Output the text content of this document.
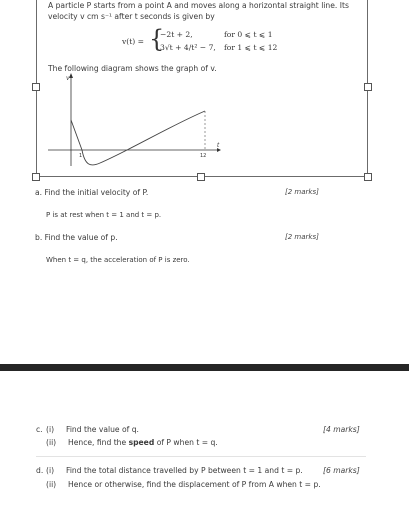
A particle P starts from a point A and moves along a horizontal straight line. Its
velocity v cm s⁻¹ after t seconds is given by
v(t) = {
−2t + 2,	for 0 ⩽ t ⩽ 1
3√t + 4/t² − 7, for 1 ⩽ t ⩽ 12
The following diagram shows the graph of v.
v
t
1	12
a. Find the initial velocity of P.	[2 marks]
P is at rest when t = 1 and t = p.
b. Find the value of p.	[2 marks]
When t = q, the acceleration of P is zero.
c. (i) Find the value of q.	[4 marks]
(ii) Hence, find the speed of P when t = q.
d. (i) Find the total distance travelled by P between t = 1 and t = p.	[6 marks]
(ii) Hence or otherwise, find the displacement of P from A when t = p.
